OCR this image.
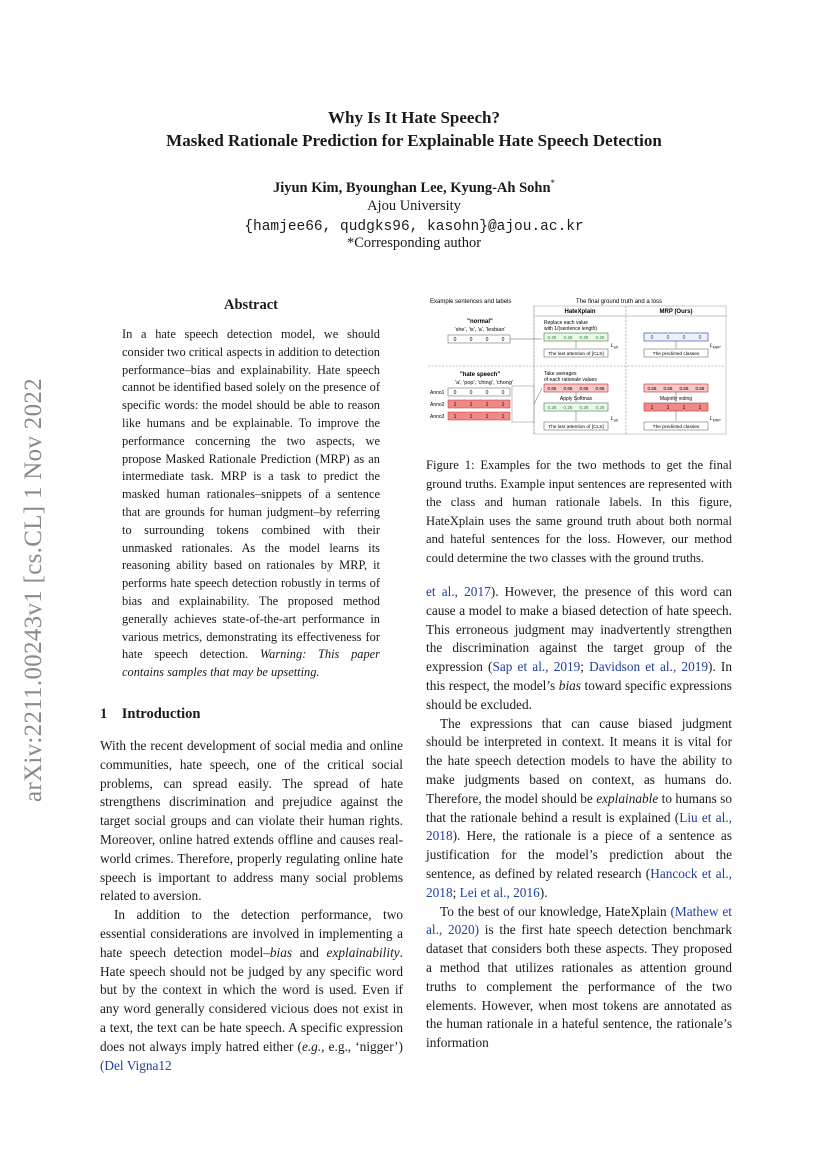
arXiv:2211.00243v1 [cs.CL] 1 Nov 2022
Why Is It Hate Speech?
Masked Rationale Prediction for Explainable Hate Speech Detection
Jiyun Kim, Byounghan Lee, Kyung-Ah Sohn*
Ajou University
{hamjee66, qudgks96, kasohn}@ajou.ac.kr
*Corresponding author
Abstract
In a hate speech detection model, we should consider two critical aspects in addition to detection performance–bias and explainability. Hate speech cannot be identified based solely on the presence of specific words: the model should be able to reason like humans and be explainable. To improve the performance concerning the two aspects, we propose Masked Rationale Prediction (MRP) as an intermediate task. MRP is a task to predict the masked human rationales–snippets of a sentence that are grounds for human judgment–by referring to surrounding tokens combined with their unmasked rationales. As the model learns its reasoning ability based on rationales by MRP, it performs hate speech detection robustly in terms of bias and explainability. The proposed method generally achieves state-of-the-art performance in various metrics, demonstrating its effectiveness for hate speech detection. Warning: This paper contains samples that may be upsetting.
1 Introduction

With the recent development of social media and online communities, hate speech, one of the critical social problems, can spread easily. The spread of hate strengthens discrimination and prejudice against the target social groups and can violate their human rights. Moreover, online hatred extends offline and causes real-world crimes. Therefore, properly regulating online hate speech is important to address many social problems related to aversion.

In addition to the detection performance, two essential considerations are involved in implementing a hate speech detection model–bias and explainability. Hate speech should not be judged by any specific word but by the context in which the word is used. Even if any word generally considered vicious does not exist in a text, the text can be hate speech. A specific expression does not always imply hatred either (e.g., e.g., ‘nigger’) (Del Vigna12

Example sentences and labels	The final ground truth and a loss
HateXplain	MRP (Ours)
"normal"
'she', 'is', 'a', 'lesbian'
0	0	0	0
Replace each value
with 1/(sentence length)
0.25 0.25 0.25 0.25
The last attention of [CLS]
$L_{att}$
0	0	0	0
The predicted classes
$L_{MRP}$
"hate speech"
'a', 'pop', 'ching', 'chong'
Anno1 0	0	0	0
Anno2 1	1	1	1
Anno3 1	1	1	1
Take averages
of each rationale values
0.66 0.66 0.66 0.66
Apply Softmax
0.25 0.25 0.25 0.25
The last attention of [CLS]
$L_{att}$
0.66 0.66 0.66 0.66
Majority voting
1	1	1	1
The predicted classes
$L_{MRP}$
Figure 1: Examples for the two methods to get the final ground truths. Example input sentences are represented with the class and human rationale labels. In this figure, HateXplain uses the same ground truth about both normal and hateful sentences for the loss. However, our method could determine the two classes with the ground truths.

et al., 2017). However, the presence of this word can cause a model to make a biased detection of hate speech. This erroneous judgment may inadvertently strengthen the discrimination against the target group of the expression (Sap et al., 2019; Davidson et al., 2019). In this respect, the model’s bias toward specific expressions should be excluded.

The expressions that can cause biased judgment should be interpreted in context. It means it is vital for the hate speech detection models to have the ability to make judgments based on context, as humans do. Therefore, the model should be explainable to humans so that the rationale behind a result is explained (Liu et al., 2018). Here, the rationale is a piece of a sentence as justification for the model’s prediction about the sentence, as defined by related research (Hancock et al., 2018; Lei et al., 2016).

To the best of our knowledge, HateXplain (Mathew et al., 2020) is the first hate speech detection benchmark dataset that considers both these aspects. They proposed a method that utilizes rationales as attention ground truths to complement the performance of the two elements. However, when most tokens are annotated as the human rationale in a hateful sentence, the rationale’s information
